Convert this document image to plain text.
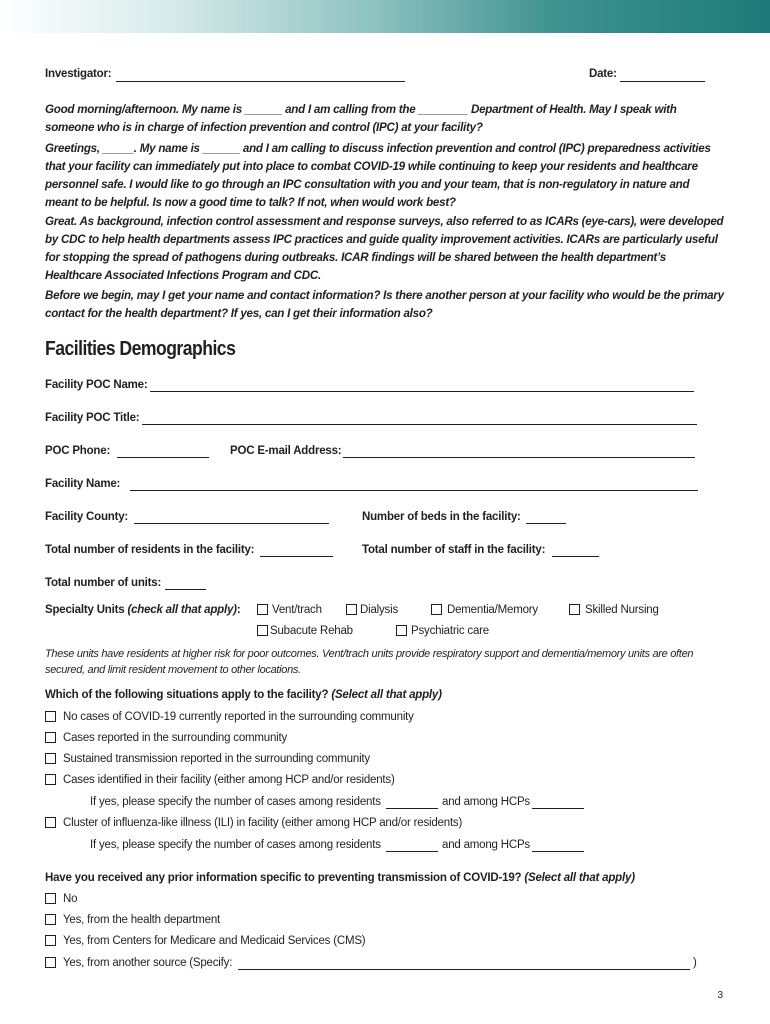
Investigator:	Date:

Good morning/afternoon. My name is ______ and I am calling from the ________ Department of Health. May I speak with someone who is in charge of infection prevention and control (IPC) at your facility?

Greetings, _____. My name is ______ and I am calling to discuss infection prevention and control (IPC) preparedness activities that your facility can immediately put into place to combat COVID-19 while continuing to keep your residents and healthcare personnel safe. I would like to go through an IPC consultation with you and your team, that is non-regulatory in nature and meant to be helpful. Is now a good time to talk? If not, when would work best?

Great. As background, infection control assessment and response surveys, also referred to as ICARs (eye-cars), were developed by CDC to help health departments assess IPC practices and guide quality improvement activities. ICARs are particularly useful for stopping the spread of pathogens during outbreaks. ICAR findings will be shared between the health department’s Healthcare Associated Infections Program and CDC.

Before we begin, may I get your name and contact information? Is there another person at your facility who would be the primary contact for the health department? If yes, can I get their information also?

Facilities Demographics
Facility POC Name:
Facility POC Title:
POC Phone:	POC E-mail Address:
Facility Name:
Facility County:	Number of beds in the facility:
Total number of residents in the facility:	Total number of staff in the facility:
Total number of units:
Specialty Units (check all that apply):	Vent/trach	Dialysis	Dementia/Memory	Skilled Nursing
Subacute Rehab	Psychiatric care

These units have residents at higher risk for poor outcomes. Vent/trach units provide respiratory support and dementia/memory units are often secured, and limit resident movement to other locations.

Which of the following situations apply to the facility? (Select all that apply)
No cases of COVID-19 currently reported in the surrounding community
Cases reported in the surrounding community
Sustained transmission reported in the surrounding community
Cases identified in their facility (either among HCP and/or residents)
If yes, please specify the number of cases among residents	and among HCPs
Cluster of influenza-like illness (ILI) in facility (either among HCP and/or residents)
If yes, please specify the number of cases among residents	and among HCPs
Have you received any prior information specific to preventing transmission of COVID-19? (Select all that apply)
No
Yes, from the health department
Yes, from Centers for Medicare and Medicaid Services (CMS)
Yes, from another source (Specify:	)
3
